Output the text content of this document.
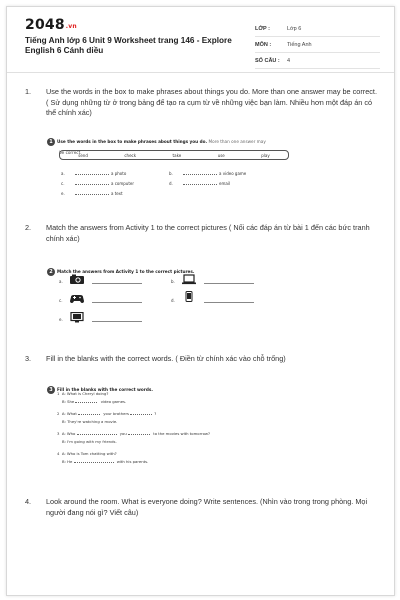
2048.vn
Tiếng Anh lớp 6 Unit 9 Worksheet trang 146 - Explore English 6 Cánh diều
LỚP :	Lớp 6
MÔN :	Tiếng Anh
SỐ CÂU :	4
1. Use the words in the box to make phrases about things you do. More than one answer may be correct. ( Sử dụng những từ ở trong bảng để tạo ra cụm từ về những việc bạn làm. Nhiều hơn một đáp án có thể chính xác)
1 Use the words in the box to make phrases about things you do. More than one answer may
be correct.
send	check	take	use	play
a.	a photo	b.	a video game
c.	a computer	d.	email
e.	a text
2. Match the answers from Activity 1 to the correct pictures ( Nối các đáp án từ bài 1 đến các bức tranh chính xác)
2 Match the answers from Activity 1 to the correct pictures.
a.	b.
c.	d.
e.
3. Fill in the blanks with the correct words. ( Điền từ chính xác vào chỗ trống)
3 Fill in the blanks with the correct words.
1 A: What is Cheryl doing?
B: She	video games.
2 A: What	your brothers	?
B: They're watching a movie.
3 A: Who	you	to the movies with tomorrow?
B: I'm going with my friends.
4 A: Who is Tom chatting with?
B: He	with his parents.
4. Look around the room. What is everyone doing? Write sentences. (Nhìn vào trong trong phòng. Mọi người đang nói gì? Viết câu)
